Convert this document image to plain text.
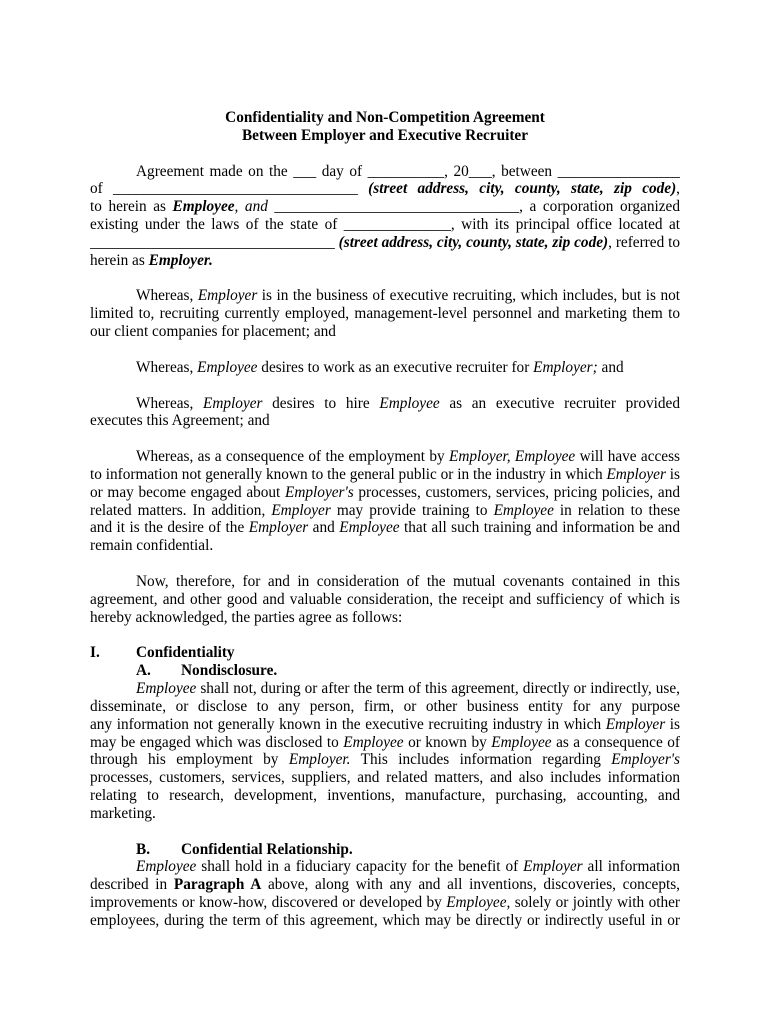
Confidentiality and Non-Competition Agreement
Between Employer and Executive Recruiter
Agreement made on the ___ day of __________, 20___, between ________________
of ________________________________ (street address, city, county, state, zip code),
to herein as Employee, and ________________________________, a corporation organized
existing under the laws of the state of ______________, with its principal office located at
________________________________ (street address, city, county, state, zip code), referred to
herein as Employer.
Whereas, Employer is in the business of executive recruiting, which includes, but is not
limited to, recruiting currently employed, management-level personnel and marketing them to
our client companies for placement; and
Whereas, Employee desires to work as an executive recruiter for Employer; and
Whereas, Employer desires to hire Employee as an executive recruiter provided
executes this Agreement; and
Whereas, as a consequence of the employment by Employer, Employee will have access
to information not generally known to the general public or in the industry in which Employer is
or may become engaged about Employer's processes, customers, services, pricing policies, and
related matters. In addition, Employer may provide training to Employee in relation to these
and it is the desire of the Employer and Employee that all such training and information be and
remain confidential.
Now, therefore, for and in consideration of the mutual covenants contained in this
agreement, and other good and valuable consideration, the receipt and sufficiency of which is
hereby acknowledged, the parties agree as follows:
I. Confidentiality
A. Nondisclosure.
Employee shall not, during or after the term of this agreement, directly or indirectly, use,
disseminate, or disclose to any person, firm, or other business entity for any purpose
any information not generally known in the executive recruiting industry in which Employer is
may be engaged which was disclosed to Employee or known by Employee as a consequence of
through his employment by Employer. This includes information regarding Employer's
processes, customers, services, suppliers, and related matters, and also includes information
relating to research, development, inventions, manufacture, purchasing, accounting, and
marketing.
B. Confidential Relationship.
Employee shall hold in a fiduciary capacity for the benefit of Employer all information
described in Paragraph A above, along with any and all inventions, discoveries, concepts,
improvements or know-how, discovered or developed by Employee, solely or jointly with other
employees, during the term of this agreement, which may be directly or indirectly useful in or
